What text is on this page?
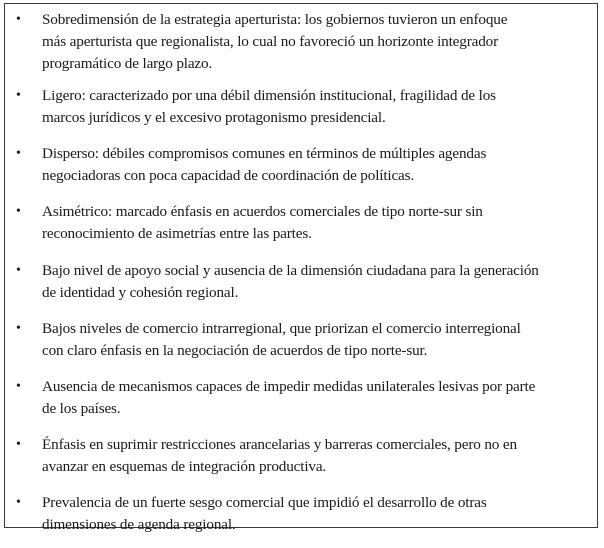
• Sobredimensión de la estrategia aperturista: los gobiernos tuvieron un enfoque
más aperturista que regionalista, lo cual no favoreció un horizonte integrador
programático de largo plazo.
• Ligero: caracterizado por una débil dimensión institucional, fragilidad de los
marcos jurídicos y el excesivo protagonismo presidencial.
• Disperso: débiles compromisos comunes en términos de múltiples agendas
negociadoras con poca capacidad de coordinación de políticas.
• Asimétrico: marcado énfasis en acuerdos comerciales de tipo norte-sur sin
reconocimiento de asimetrías entre las partes.
• Bajo nivel de apoyo social y ausencia de la dimensión ciudadana para la generación
de identidad y cohesión regional.
• Bajos niveles de comercio intrarregional, que priorizan el comercio interregional
con claro énfasis en la negociación de acuerdos de tipo norte-sur.
• Ausencia de mecanismos capaces de impedir medidas unilaterales lesivas por parte
de los países.
• Énfasis en suprimir restricciones arancelarias y barreras comerciales, pero no en
avanzar en esquemas de integración productiva.
• Prevalencia de un fuerte sesgo comercial que impidió el desarrollo de otras
dimensiones de agenda regional.
